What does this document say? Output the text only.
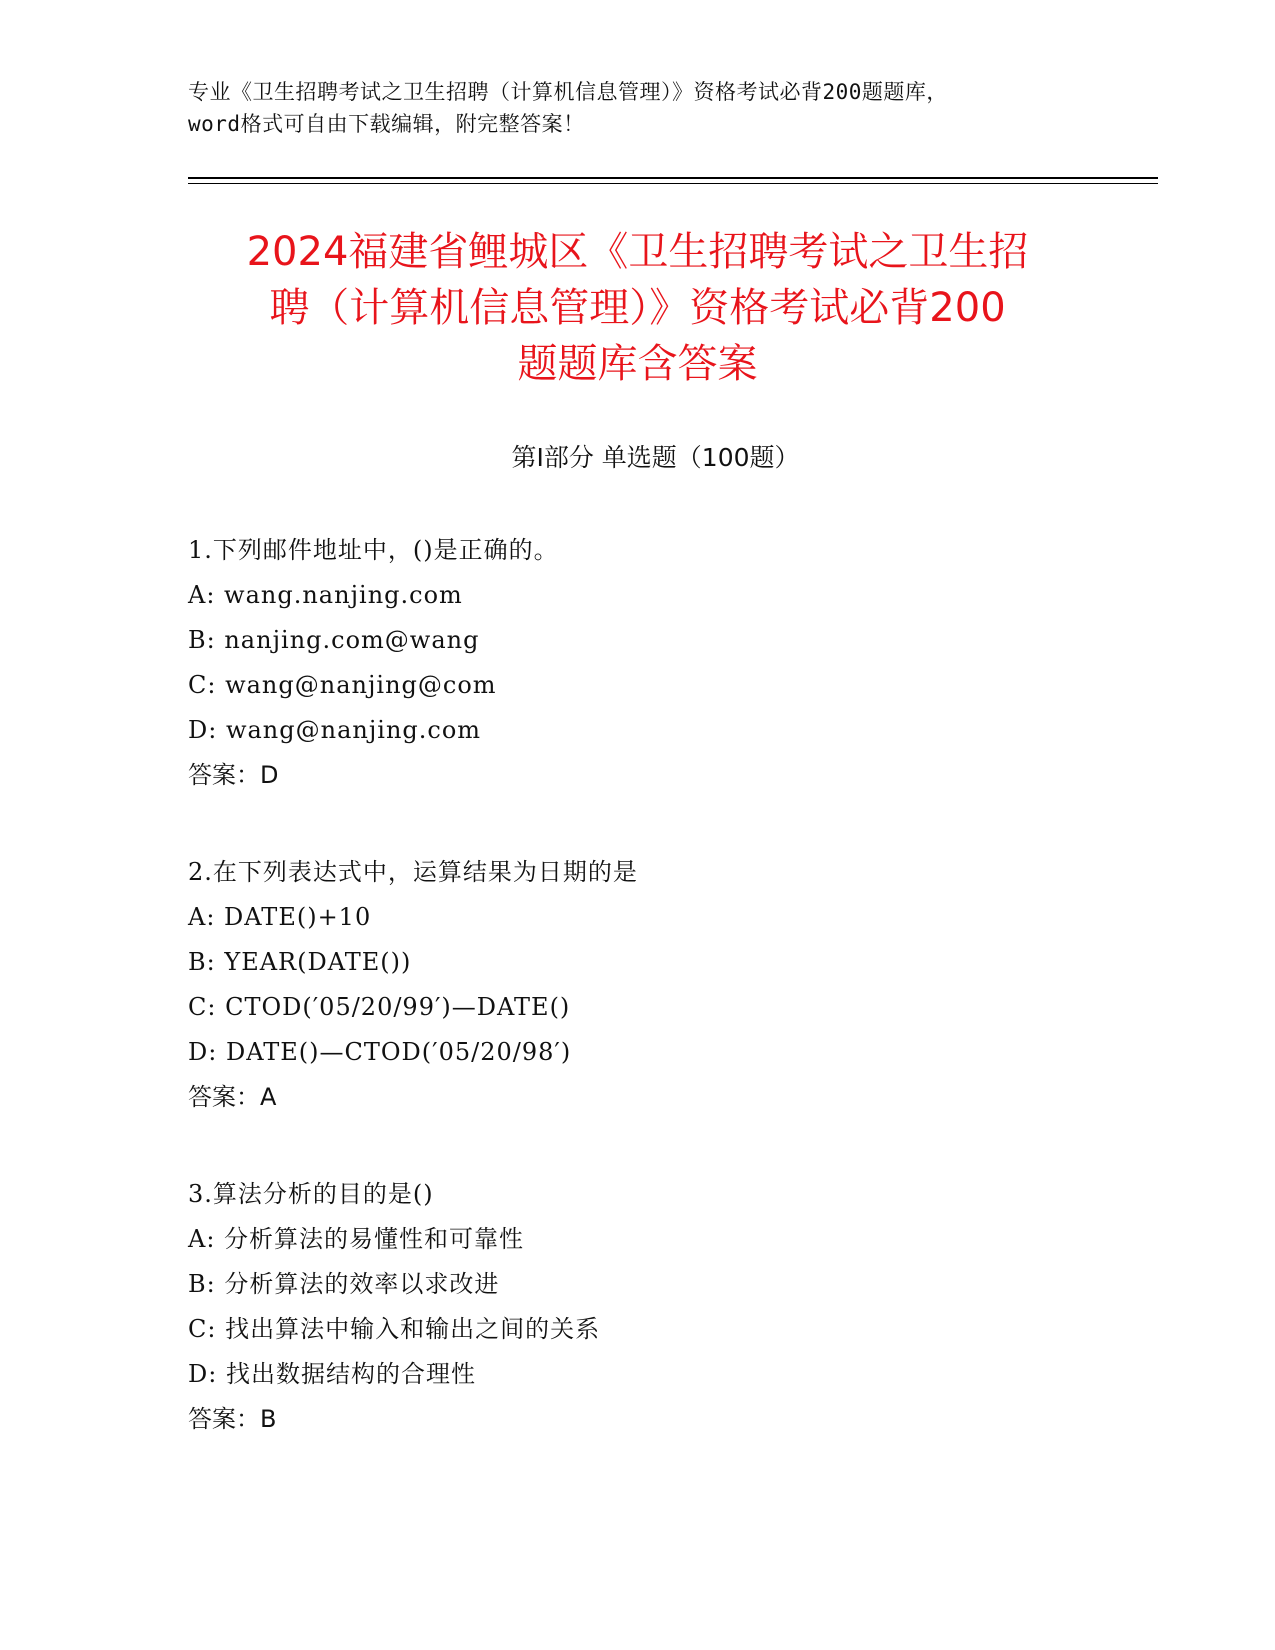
专业《卫生招聘考试之卫生招聘（计算机信息管理）》资格考试必背200题题库，
word格式可自由下载编辑，附完整答案！
2024福建省鲤城区《卫生招聘考试之卫生招
聘（计算机信息管理）》资格考试必背200
题题库含答案
第Ⅰ部分 单选题（100题）
1.下列邮件地址中，()是正确的。
A: wang.nanjing.com
B: nanjing.com@wang
C: wang@nanjing@com
D: wang@nanjing.com
答案：D
2.在下列表达式中，运算结果为日期的是
A: DATE()+10
B: YEAR(DATE())
C: CTOD(′05/20/99′)—DATE()
D: DATE()—CTOD(′05/20/98′)
答案：A
3.算法分析的目的是()
A: 分析算法的易懂性和可靠性
B: 分析算法的效率以求改进
C: 找出算法中输入和输出之间的关系
D: 找出数据结构的合理性
答案：B
